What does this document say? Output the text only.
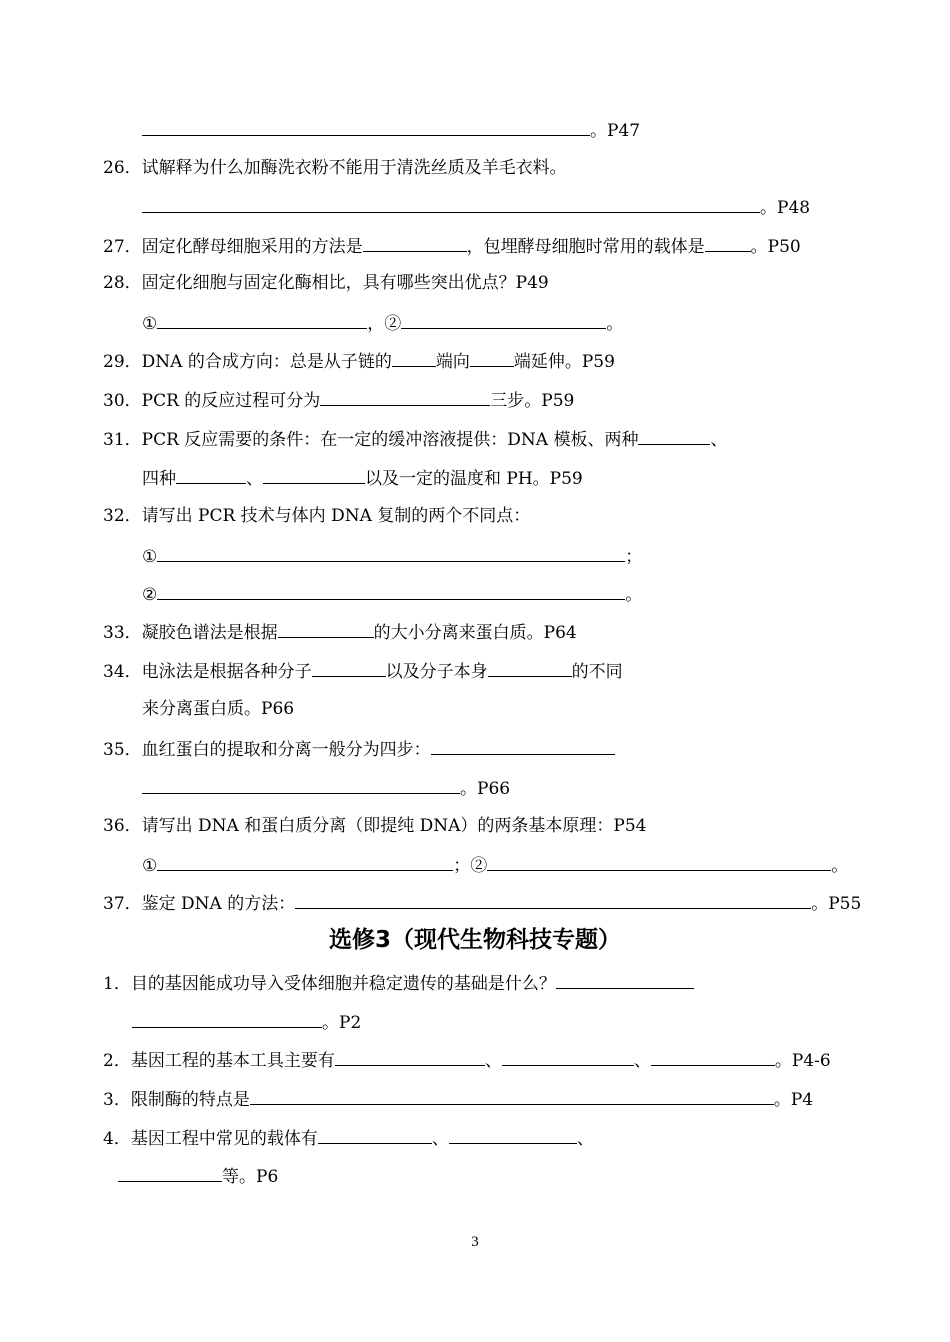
。P47
26．试解释为什么加酶洗衣粉不能用于清洗丝质及羊毛衣料。
。P48
27．固定化酵母细胞采用的方法是	，包埋酵母细胞时常用的载体是	。P50
28．固定化细胞与固定化酶相比，具有哪些突出优点？P49
①	，②	。
29．DNA 的合成方向：总是从子链的	端向	端延伸。P59
30．PCR 的反应过程可分为	三步。P59
31．PCR 反应需要的条件：在一定的缓冲溶液提供：DNA 模板、两种	、
四种	、	以及一定的温度和 PH。P59
32．请写出 PCR 技术与体内 DNA 复制的两个不同点：
①	；
②	。
33．凝胶色谱法是根据	的大小分离来蛋白质。P64
34．电泳法是根据各种分子	以及分子本身	的不同
来分离蛋白质。P66
35．血红蛋白的提取和分离一般分为四步：
。P66
36．请写出 DNA 和蛋白质分离（即提纯 DNA）的两条基本原理：P54
①	；②	。
37．鉴定 DNA 的方法：	。P55
选修3（现代生物科技专题）
1．目的基因能成功导入受体细胞并稳定遗传的基础是什么？
。P2
2．基因工程的基本工具主要有	、	、	。P4-6
3．限制酶的特点是	。P4
4．基因工程中常见的载体有	、	、
等。P6
3
